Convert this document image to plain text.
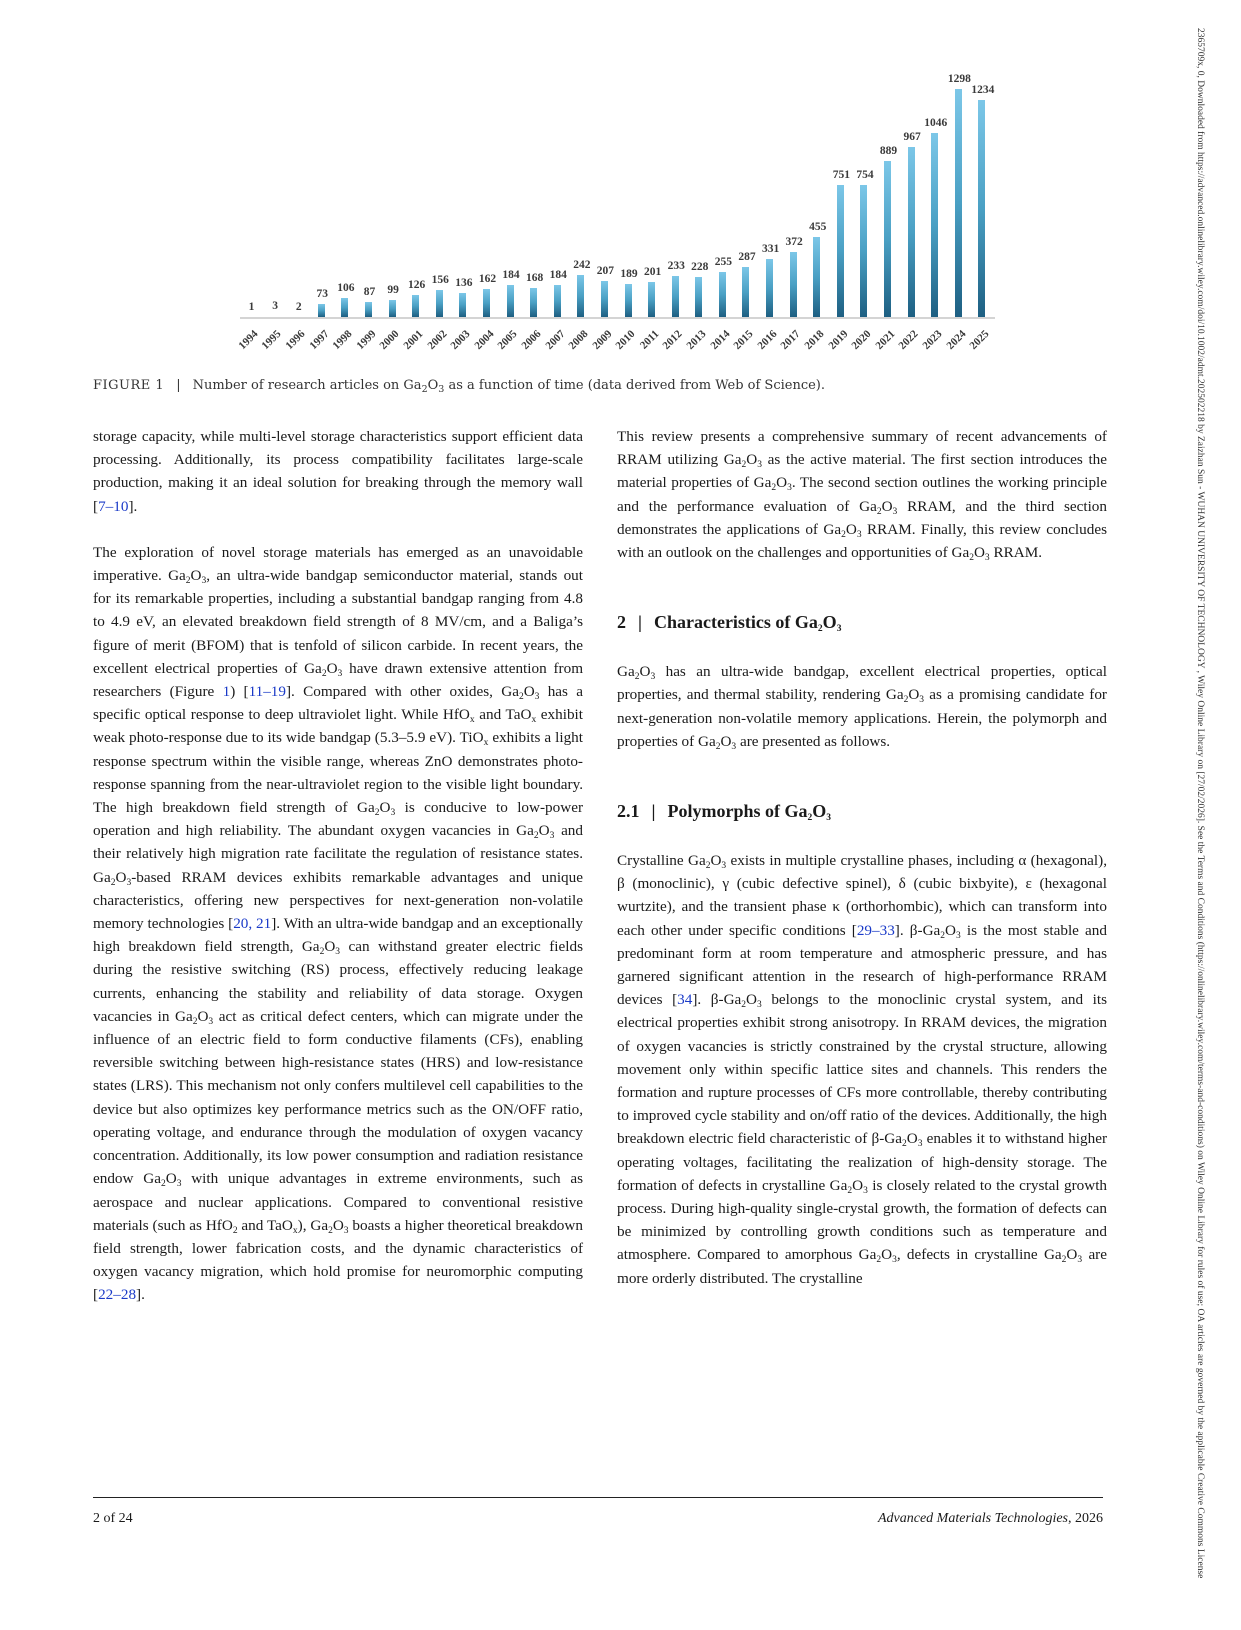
1	3	2
73 106 87	99 126 156 136 162 184 168 184
242
207 189 201 233 228 255 287
331
372
455
751 754
889
967
1046
1298
1234
1994 1995 1996 1997 1998 1999 2000 2001 2002 2003 2004 2005 2006 2007 2008 2009 2010 2011 2012 2013 2014 2015 2016 2017 2018 2019 2020 2021 2022 2023 2024 2025
FIGURE 1 | Number of research articles on $Ga_2O_3$ as a function of time (data derived from Web of Science).

storage capacity, while multi-level storage characteristics support efficient data processing. Additionally, its process compatibility facilitates large-scale production, making it an ideal solution for breaking through the memory wall [7–10].

The exploration of novel storage materials has emerged as an unavoidable imperative. $Ga_2O_3$, an ultra-wide bandgap semiconductor material, stands out for its remarkable properties, including a substantial bandgap ranging from 4.8 to 4.9 eV, an elevated breakdown field strength of 8 MV/cm, and a Baliga’s figure of merit (BFOM) that is tenfold of silicon carbide. In recent years, the excellent electrical properties of $Ga_2O_3$ have drawn extensive attention from researchers (Figure 1) [11–19]. Compared with other oxides, $Ga_2O_3$ has a specific optical response to deep ultraviolet light. While HfO$_x$ and TaO$_x$ exhibit weak photo-response due to its wide bandgap (5.3–5.9 eV). TiO$_x$ exhibits a light response spectrum within the visible range, whereas ZnO demonstrates photo-response spanning from the near-ultraviolet region to the visible light boundary. The high breakdown field strength of $Ga_2O_3$ is conducive to low-power operation and high reliability. The abundant oxygen vacancies in $Ga_2O_3$ and their relatively high migration rate facilitate the regulation of resistance states. $Ga_2O_3$-based RRAM devices exhibits remarkable advantages and unique characteristics, offering new perspectives for next-generation non-volatile memory technologies [20, 21]. With an ultra-wide bandgap and an exceptionally high breakdown field strength, $Ga_2O_3$ can withstand greater electric fields during the resistive switching (RS) process, effectively reducing leakage currents, enhancing the stability and reliability of data storage. Oxygen vacancies in $Ga_2O_3$ act as critical defect centers, which can migrate under the influence of an electric field to form conductive filaments (CFs), enabling reversible switching between high-resistance states (HRS) and low-resistance states (LRS). This mechanism not only confers multilevel cell capabilities to the device but also optimizes key performance metrics such as the ON/OFF ratio, operating voltage, and endurance through the modulation of oxygen vacancy concentration. Additionally, its low power consumption and radiation resistance endow $Ga_2O_3$ with unique advantages in extreme environments, such as aerospace and nuclear applications. Compared to conventional resistive materials (such as HfO$_2$ and TaO$_x$), $Ga_2O_3$ boasts a higher theoretical breakdown field strength, lower fabrication costs, and the dynamic characteristics of oxygen vacancy migration, which hold promise for neuromorphic computing [22–28].

This review presents a comprehensive summary of recent advancements of RRAM utilizing $Ga_2O_3$ as the active material. The first section introduces the material properties of $Ga_2O_3$. The second section outlines the working principle and the performance evaluation of $Ga_2O_3$ RRAM, and the third section demonstrates the applications of $Ga_2O_3$ RRAM. Finally, this review concludes with an outlook on the challenges and opportunities of $Ga_2O_3$ RRAM.

2 | Characteristics of $Ga_2O_3$

$Ga_2O_3$ has an ultra-wide bandgap, excellent electrical properties, optical properties, and thermal stability, rendering $Ga_2O_3$ as a promising candidate for next-generation non-volatile memory applications. Herein, the polymorph and properties of $Ga_2O_3$ are presented as follows.

2.1 | Polymorphs of $Ga_2O_3$

Crystalline $Ga_2O_3$ exists in multiple crystalline phases, including α (hexagonal), β (monoclinic), γ (cubic defective spinel), δ (cubic bixbyite), ε (hexagonal wurtzite), and the transient phase κ (orthorhombic), which can transform into each other under specific conditions [29–33]. $\beta-Ga_2O_3$ is the most stable and predominant form at room temperature and atmospheric pressure, and has garnered significant attention in the research of high-performance RRAM devices [34]. $\beta-Ga_2O_3$ belongs to the monoclinic crystal system, and its electrical properties exhibit strong anisotropy. In RRAM devices, the migration of oxygen vacancies is strictly constrained by the crystal structure, allowing movement only within specific lattice sites and channels. This renders the formation and rupture processes of CFs more controllable, thereby contributing to improved cycle stability and on/off ratio of the devices. Additionally, the high breakdown electric field characteristic of $\beta-Ga_2O_3$ enables it to withstand higher operating voltages, facilitating the realization of high-density storage. The formation of defects in crystalline $Ga_2O_3$ is closely related to the crystal growth process. During high-quality single-crystal growth, the formation of defects can be minimized by controlling growth conditions such as temperature and atmosphere. Compared to amorphous $Ga_2O_3$, defects in crystalline $Ga_2O_3$ are more orderly distributed. The crystalline

2 of 24	Advanced Materials Technologies, 2026	2365709x, 0, Downloaded from https://advanced.onlinelibrary.wiley.com/doi/10.1002/admt.202502218 by Zaizhan Sun - WUHAN UNIVERSITY OF TECHNOLOGY , Wiley Online Library on [27/02/2026]. See the Terms and Conditions (https://onlinelibrary.wiley.com/terms-and-conditions) on Wiley Online Library for rules of use; OA articles are governed by the applicable Creative Commons License
